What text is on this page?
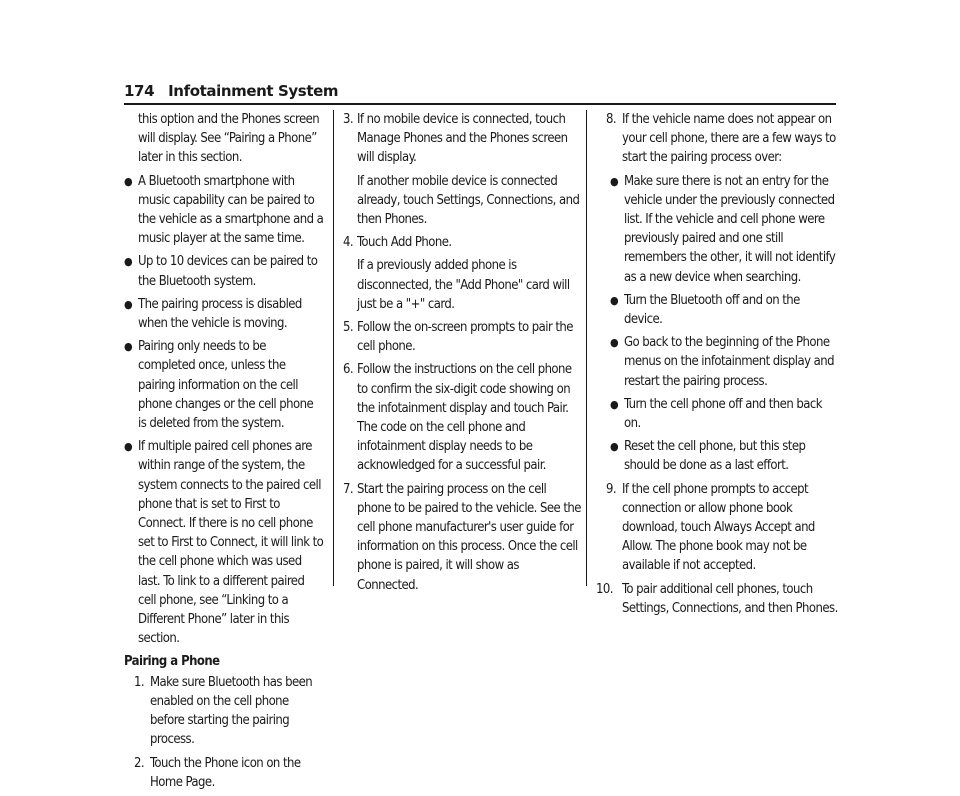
174 Infotainment System

this option and the Phones screen will display. See “Pairing a Phone” later in this section.

● A Bluetooth smartphone with music capability can be paired to the vehicle as a smartphone and a music player at the same time.

● Up to 10 devices can be paired to the Bluetooth system.

● The pairing process is disabled when the vehicle is moving.

● Pairing only needs to be completed once, unless the pairing information on the cell phone changes or the cell phone is deleted from the system.

● If multiple paired cell phones are within range of the system, the system connects to the paired cell phone that is set to First to Connect. If there is no cell phone set to First to Connect, it will link to the cell phone which was used last. To link to a different paired cell phone, see “Linking to a Different Phone” later in this section.

Pairing a Phone

1. Make sure Bluetooth has been enabled on the cell phone before starting the pairing process.

2. Touch the Phone icon on the Home Page.

3. If no mobile device is connected, touch Manage Phones and the Phones screen will display.

If another mobile device is connected already, touch Settings, Connections, and then Phones.

4. Touch Add Phone.

If a previously added phone is disconnected, the "Add Phone" card will just be a "+" card.

5. Follow the on-screen prompts to pair the cell phone.

6. Follow the instructions on the cell phone to confirm the six-digit code showing on the infotainment display and touch Pair. The code on the cell phone and infotainment display needs to be acknowledged for a successful pair.

7. Start the pairing process on the cell phone to be paired to the vehicle. See the cell phone manufacturer's user guide for information on this process. Once the cell phone is paired, it will show as Connected.

8. If the vehicle name does not appear on your cell phone, there are a few ways to start the pairing process over:

● Make sure there is not an entry for the vehicle under the previously connected list. If the vehicle and cell phone were previously paired and one still remembers the other, it will not identify as a new device when searching.

● Turn the Bluetooth off and on the device.

● Go back to the beginning of the Phone menus on the infotainment display and restart the pairing process.

● Turn the cell phone off and then back on.

● Reset the cell phone, but this step should be done as a last effort.

9. If the cell phone prompts to accept connection or allow phone book download, touch Always Accept and Allow. The phone book may not be available if not accepted.

10. To pair additional cell phones, touch Settings, Connections, and then Phones.
